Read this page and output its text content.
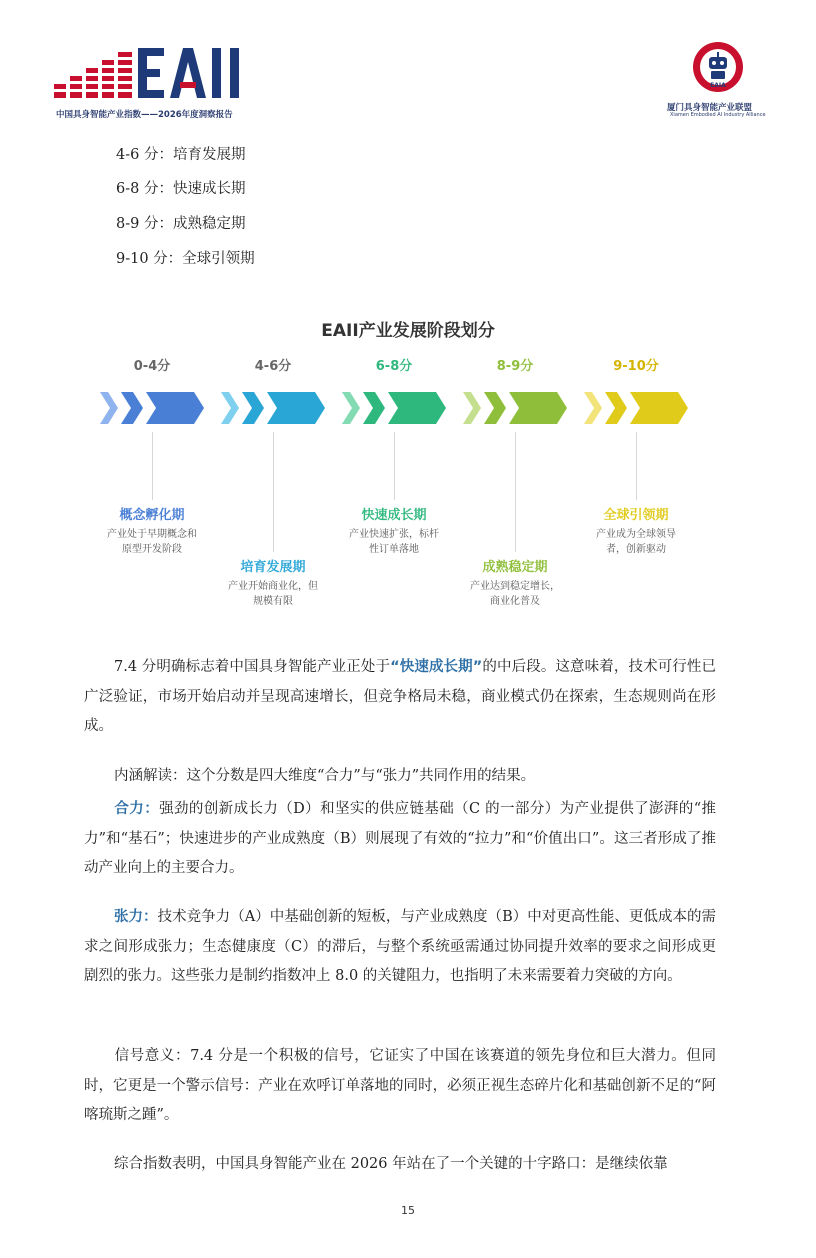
中国具身智能产业指数——2026年度洞察报告
EAIA
厦门具身智能产业联盟
Xiamen Embodied AI Industry Alliance
4-6 分：培育发展期
6-8 分：快速成长期
8-9 分：成熟稳定期
9-10 分：全球引领期
EAII产业发展阶段划分
0-4分	4-6分	6-8分	8-9分	9-10分
概念孵化期
产业处于早期概念和
原型开发阶段
培育发展期
产业开始商业化，但
规模有限
快速成长期
产业快速扩张，标杆
性订单落地
成熟稳定期
产业达到稳定增长，
商业化普及
全球引领期
产业成为全球领导
者，创新驱动
7.4 分明确标志着中国具身智能产业正处于“快速成长期”的中后段。这意味着，技术可行性已广泛验证，市场开始启动并呈现高速增长，但竞争格局未稳，商业模式仍在探索，生态规则尚在形成。
内涵解读：这个分数是四大维度“合力”与“张力”共同作用的结果。
合力：强劲的创新成长力（D）和坚实的供应链基础（C 的一部分）为产业提供了澎湃的“推力”和“基石”；快速进步的产业成熟度（B）则展现了有效的“拉力”和“价值出口”。这三者形成了推动产业向上的主要合力。
张力：技术竞争力（A）中基础创新的短板，与产业成熟度（B）中对更高性能、更低成本的需求之间形成张力；生态健康度（C）的滞后，与整个系统亟需通过协同提升效率的要求之间形成更剧烈的张力。这些张力是制约指数冲上 8.0 的关键阻力，也指明了未来需要着力突破的方向。
信号意义：7.4 分是一个积极的信号，它证实了中国在该赛道的领先身位和巨大潜力。但同时，它更是一个警示信号：产业在欢呼订单落地的同时，必须正视生态碎片化和基础创新不足的“阿喀琉斯之踵”。
综合指数表明，中国具身智能产业在 2026 年站在了一个关键的十字路口：是继续依靠
15
